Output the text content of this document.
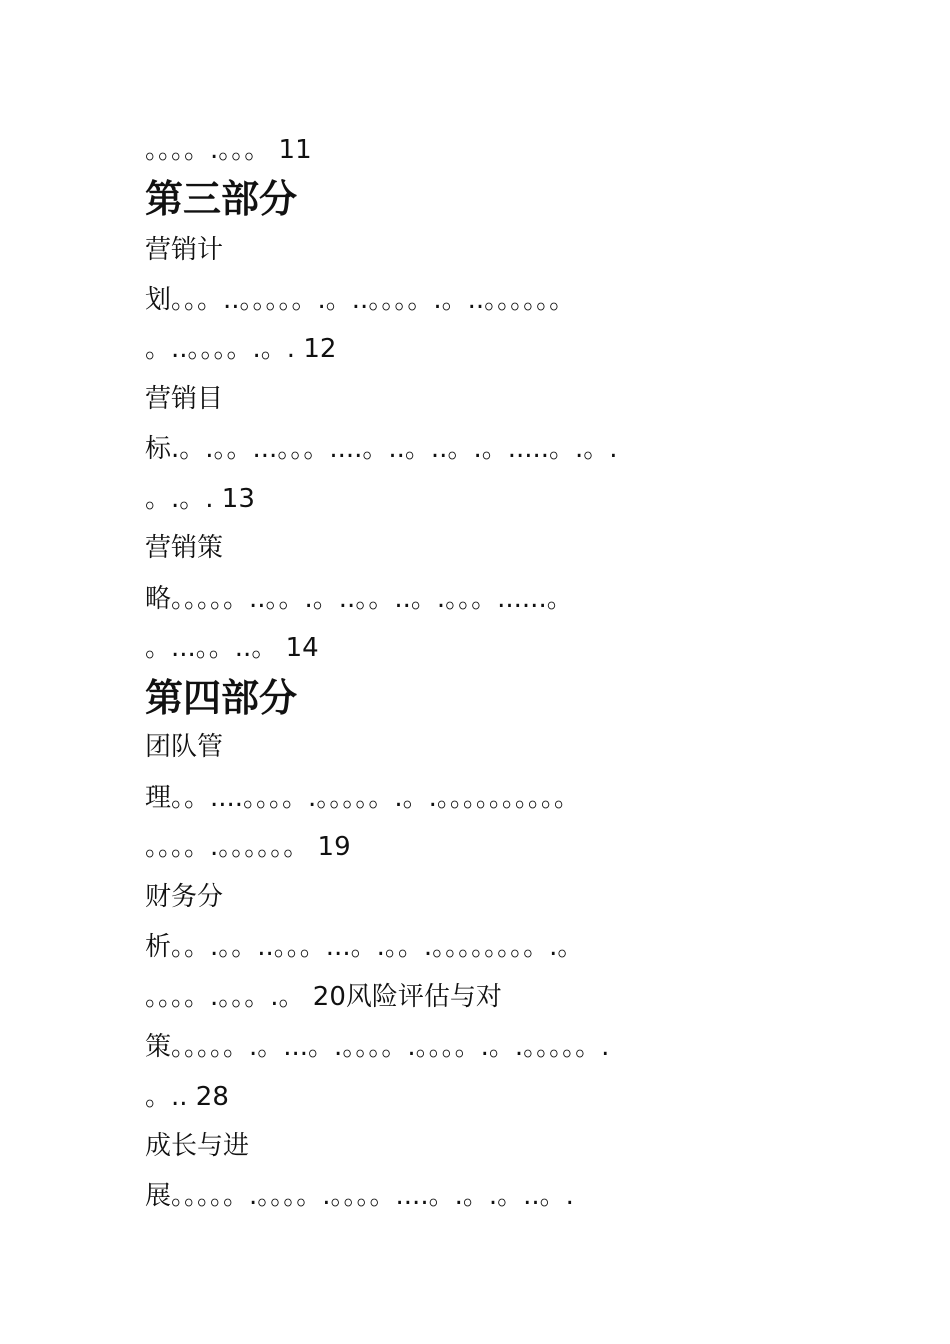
。。。。.。。。 11
第三部分
营销计
划。。。..。。。。。.。..。。。。.。..。。。。。。
。..。。。。.。. 12
营销目
标.。.。。...。。。....。..。..。.。.....。.。.
。.。. 13
营销策
略。。。。。..。。.。..。。..。.。。。......。
。...。。..。 14
第四部分
团队管
理。。....。。。。.。。。。。.。.。。。。。。。。。。
。。。。.。。。。。。 19
财务分
析。。.。。..。。。...。.。。.。。。。。。。。.。
。。。。.。。。.。 20风险评估与对
策。。。。。.。...。.。。。。.。。。。.。.。。。。。.
。.. 28
成长与进
展。。。。。.。。。。.。。。。....。.。.。..。.
